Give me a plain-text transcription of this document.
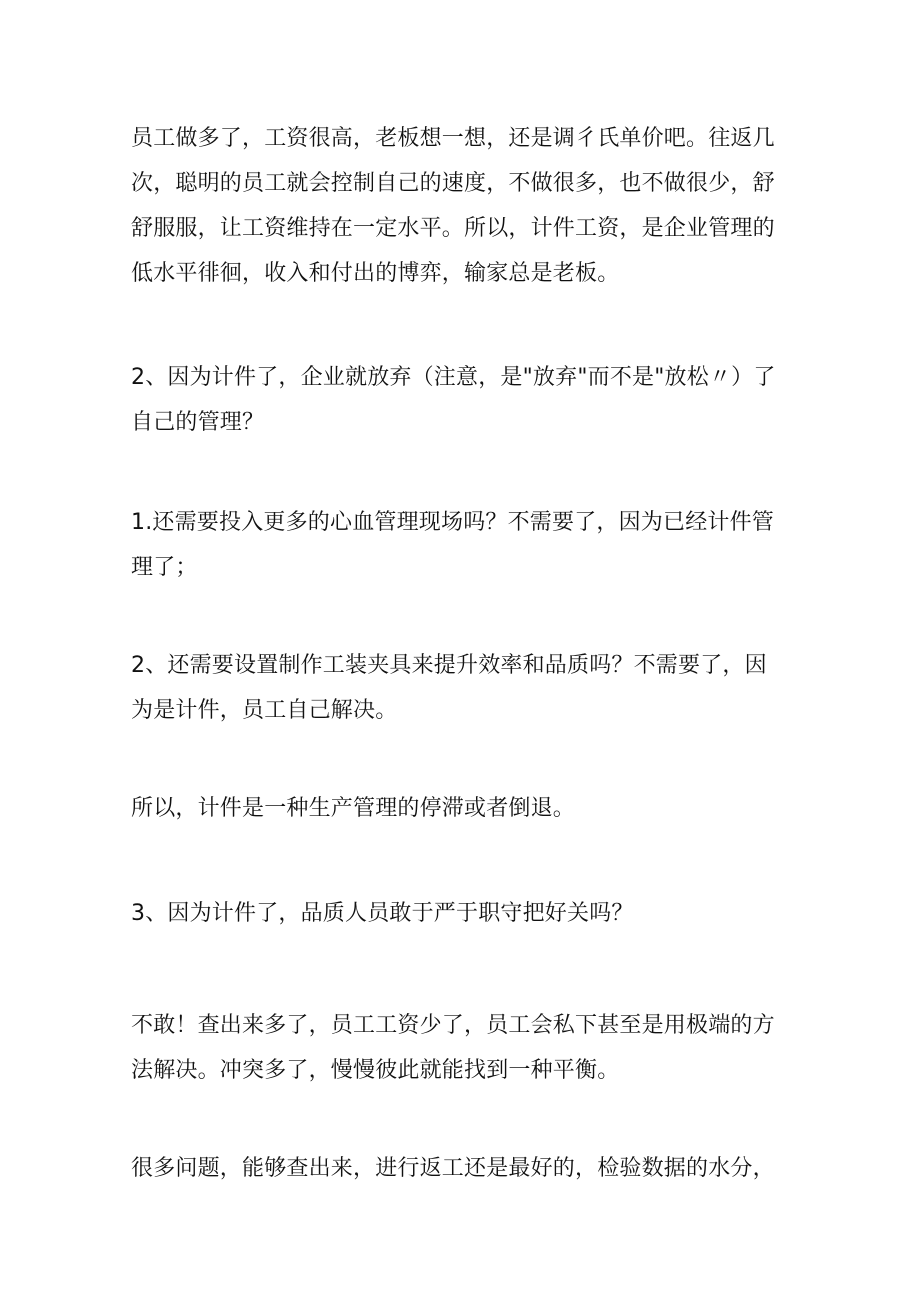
员工做多了，工资很高，老板想一想，还是调彳氏单价吧。往返几
次，聪明的员工就会控制自己的速度，不做很多，也不做很少，舒
舒服服，让工资维持在一定水平。所以，计件工资，是企业管理的
低水平徘徊，收入和付出的博弈，输家总是老板。

2、因为计件了，企业就放弃（注意，是"放弃"而不是"放松〃）了
自己的管理？

1.还需要投入更多的心血管理现场吗？不需要了，因为已经计件管
理了；

2、还需要设置制作工装夹具来提升效率和品质吗？不需要了，因
为是计件，员工自己解决。

所以，计件是一种生产管理的停滞或者倒退。

3、因为计件了，品质人员敢于严于职守把好关吗？

不敢！查出来多了，员工工资少了，员工会私下甚至是用极端的方
法解决。冲突多了，慢慢彼此就能找到一种平衡。

很多问题，能够查出来，进行返工还是最好的，检验数据的水分，
